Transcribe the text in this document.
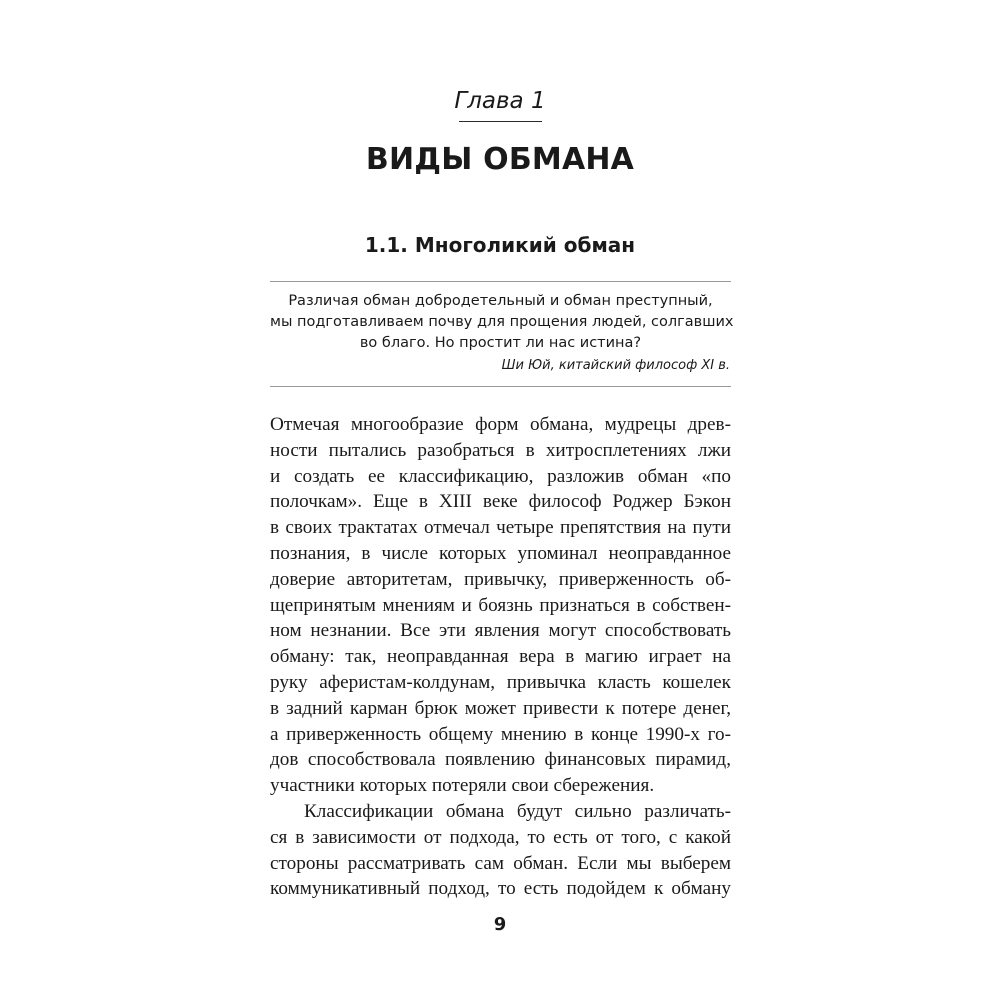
Глава 1
ВИДЫ ОБМАНА
1.1. Многоликий обман
Различая обман добродетельный и обман преступный,
мы подготавливаем почву для прощения людей, солгавших
во благо. Но простит ли нас истина?
Ши Юй, китайский философ XI в.
Отмечая многообразие форм обмана, мудрецы древ-
ности пытались разобраться в хитросплетениях лжи
и создать ее классификацию, разложив обман «по
полочкам». Еще в XIII веке философ Роджер Бэкон
в своих трактатах отмечал четыре препятствия на пути
познания, в числе которых упоминал неоправданное
доверие авторитетам, привычку, приверженность об-
щепринятым мнениям и боязнь признаться в собствен-
ном незнании. Все эти явления могут способствовать
обману: так, неоправданная вера в магию играет на
руку аферистам-колдунам, привычка класть кошелек
в задний карман брюк может привести к потере денег,
а приверженность общему мнению в конце 1990-х го-
дов способствовала появлению финансовых пирамид,
участники которых потеряли свои сбережения.
Классификации обмана будут сильно различать-
ся в зависимости от подхода, то есть от того, с какой
стороны рассматривать сам обман. Если мы выберем
коммуникативный подход, то есть подойдем к обману
9
